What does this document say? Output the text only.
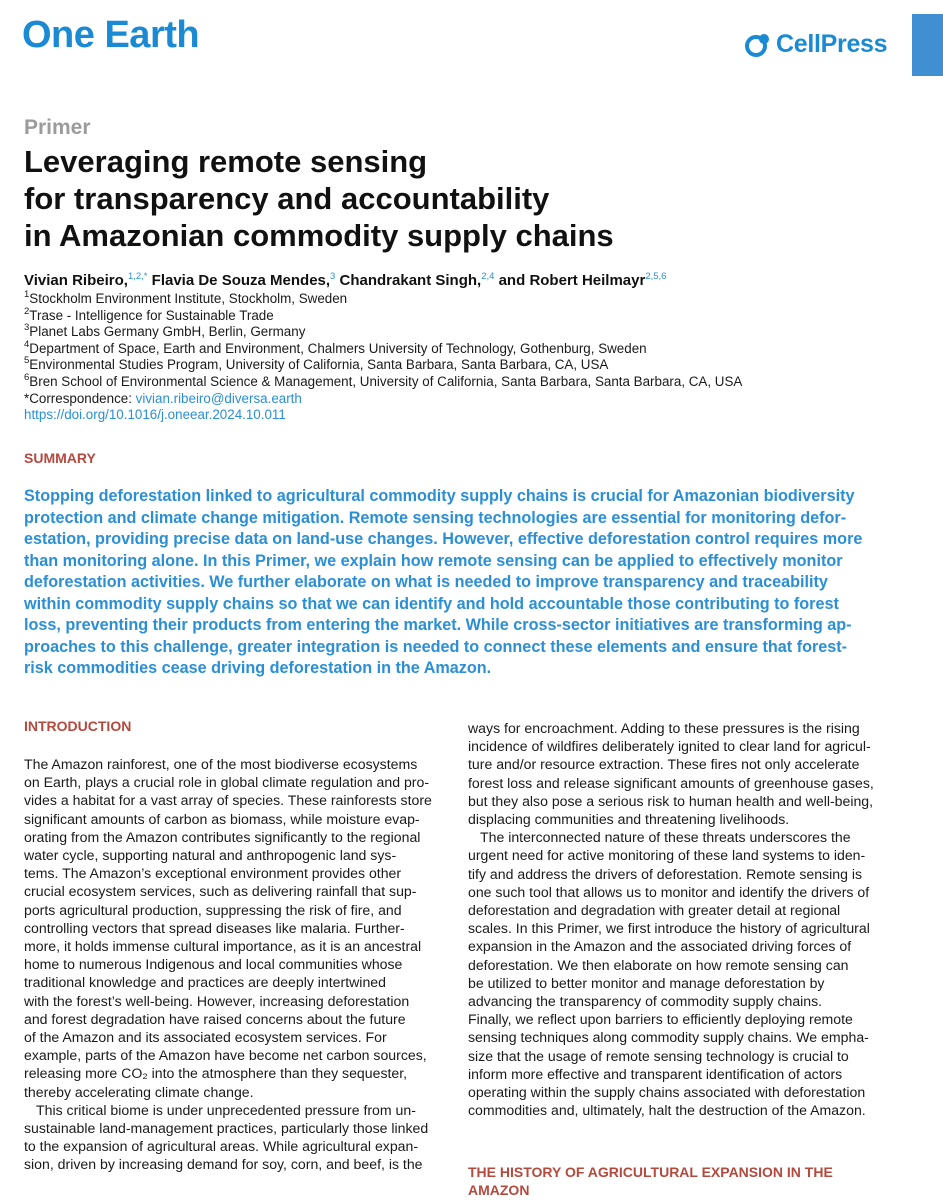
One Earth	CellPress
Primer
Leveraging remote sensing
for transparency and accountability
in Amazonian commodity supply chains
Vivian Ribeiro,$^{1,2,*}$ Flavia De Souza Mendes,$^3$ Chandrakant Singh,$^{2,4}$ and Robert Heilmayr$^{2,5,6}$
$^1$Stockholm Environment Institute, Stockholm, Sweden
$^2$Trase - Intelligence for Sustainable Trade
$^3$Planet Labs Germany GmbH, Berlin, Germany
$^4$Department of Space, Earth and Environment, Chalmers University of Technology, Gothenburg, Sweden
$^5$Environmental Studies Program, University of California, Santa Barbara, Santa Barbara, CA, USA
$^6$Bren School of Environmental Science & Management, University of California, Santa Barbara, Santa Barbara, CA, USA
*Correspondence: vivian.ribeiro@diversa.earth
https://doi.org/10.1016/j.oneear.2024.10.011
SUMMARY
Stopping deforestation linked to agricultural commodity supply chains is crucial for Amazonian biodiversity
protection and climate change mitigation. Remote sensing technologies are essential for monitoring defor-
estation, providing precise data on land-use changes. However, effective deforestation control requires more
than monitoring alone. In this Primer, we explain how remote sensing can be applied to effectively monitor
deforestation activities. We further elaborate on what is needed to improve transparency and traceability
within commodity supply chains so that we can identify and hold accountable those contributing to forest
loss, preventing their products from entering the market. While cross-sector initiatives are transforming ap-
proaches to this challenge, greater integration is needed to connect these elements and ensure that forest-
risk commodities cease driving deforestation in the Amazon.
INTRODUCTION
The Amazon rainforest, one of the most biodiverse ecosystems
on Earth, plays a crucial role in global climate regulation and pro-
vides a habitat for a vast array of species. These rainforests store
significant amounts of carbon as biomass, while moisture evap-
orating from the Amazon contributes significantly to the regional
water cycle, supporting natural and anthropogenic land sys-
tems. The Amazon’s exceptional environment provides other
crucial ecosystem services, such as delivering rainfall that sup-
ports agricultural production, suppressing the risk of fire, and
controlling vectors that spread diseases like malaria. Further-
more, it holds immense cultural importance, as it is an ancestral
home to numerous Indigenous and local communities whose
traditional knowledge and practices are deeply intertwined
with the forest’s well-being. However, increasing deforestation
and forest degradation have raised concerns about the future
of the Amazon and its associated ecosystem services. For
example, parts of the Amazon have become net carbon sources,
releasing more CO₂ into the atmosphere than they sequester,
thereby accelerating climate change.
This critical biome is under unprecedented pressure from un-
sustainable land-management practices, particularly those linked
to the expansion of agricultural areas. While agricultural expan-
sion, driven by increasing demand for soy, corn, and beef, is the
ways for encroachment. Adding to these pressures is the rising
incidence of wildfires deliberately ignited to clear land for agricul-
ture and/or resource extraction. These fires not only accelerate
forest loss and release significant amounts of greenhouse gases,
but they also pose a serious risk to human health and well-being,
displacing communities and threatening livelihoods.
The interconnected nature of these threats underscores the
urgent need for active monitoring of these land systems to iden-
tify and address the drivers of deforestation. Remote sensing is
one such tool that allows us to monitor and identify the drivers of
deforestation and degradation with greater detail at regional
scales. In this Primer, we first introduce the history of agricultural
expansion in the Amazon and the associated driving forces of
deforestation. We then elaborate on how remote sensing can
be utilized to better monitor and manage deforestation by
advancing the transparency of commodity supply chains.
Finally, we reflect upon barriers to efficiently deploying remote
sensing techniques along commodity supply chains. We empha-
size that the usage of remote sensing technology is crucial to
inform more effective and transparent identification of actors
operating within the supply chains associated with deforestation
commodities and, ultimately, halt the destruction of the Amazon.
THE HISTORY OF AGRICULTURAL EXPANSION IN THE
AMAZON
